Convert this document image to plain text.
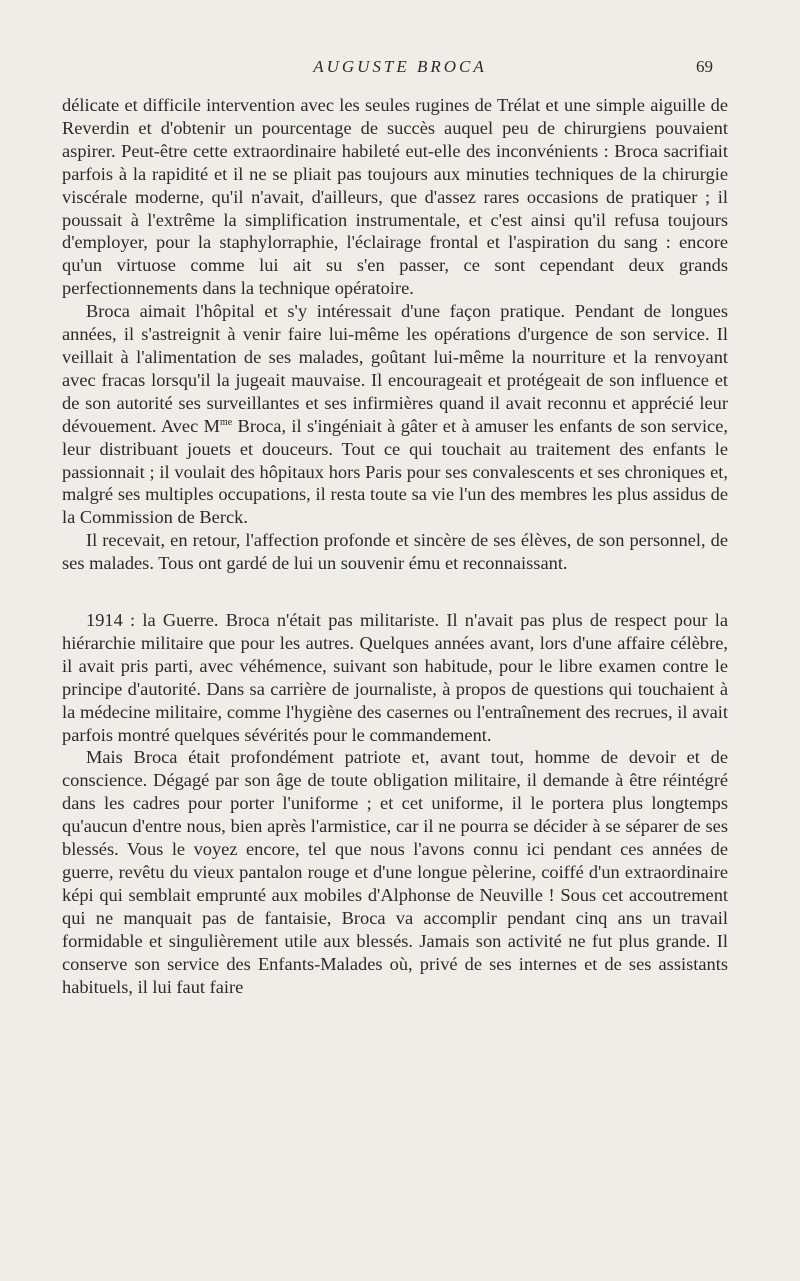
AUGUSTE BROCA	69

délicate et difficile intervention avec les seules rugines de Trélat et une simple aiguille de Reverdin et d'obtenir un pourcentage de succès auquel peu de chirurgiens pouvaient aspirer. Peut-être cette extraordinaire habileté eut-elle des inconvénients : Broca sacrifiait parfois à la rapidité et il ne se pliait pas toujours aux minuties techniques de la chirurgie viscérale moderne, qu'il n'avait, d'ailleurs, que d'assez rares occasions de pratiquer ; il poussait à l'extrême la simplification instrumentale, et c'est ainsi qu'il refusa toujours d'employer, pour la staphylorraphie, l'éclairage frontal et l'aspiration du sang : encore qu'un virtuose comme lui ait su s'en passer, ce sont cependant deux grands perfectionnements dans la technique opératoire.

Broca aimait l'hôpital et s'y intéressait d'une façon pratique. Pendant de longues années, il s'astreignit à venir faire lui-même les opérations d'urgence de son service. Il veillait à l'alimentation de ses malades, goûtant lui-même la nourriture et la renvoyant avec fracas lorsqu'il la jugeait mauvaise. Il encourageait et protégeait de son influence et de son autorité ses surveillantes et ses infirmières quand il avait reconnu et apprécié leur dévouement. Avec $M^{me}$ Broca, il s'ingéniait à gâter et à amuser les enfants de son service, leur distribuant jouets et douceurs. Tout ce qui touchait au traitement des enfants le passionnait ; il voulait des hôpitaux hors Paris pour ses convalescents et ses chroniques et, malgré ses multiples occupations, il resta toute sa vie l'un des membres les plus assidus de la Commission de Berck.

Il recevait, en retour, l'affection profonde et sincère de ses élèves, de son personnel, de ses malades. Tous ont gardé de lui un souvenir ému et reconnaissant.

1914 : la Guerre. Broca n'était pas militariste. Il n'avait pas plus de respect pour la hiérarchie militaire que pour les autres. Quelques années avant, lors d'une affaire célèbre, il avait pris parti, avec véhémence, suivant son habitude, pour le libre examen contre le principe d'autorité. Dans sa carrière de journaliste, à propos de questions qui touchaient à la médecine militaire, comme l'hygiène des casernes ou l'entraînement des recrues, il avait parfois montré quelques sévérités pour le commandement.

Mais Broca était profondément patriote et, avant tout, homme de devoir et de conscience. Dégagé par son âge de toute obligation militaire, il demande à être réintégré dans les cadres pour porter l'uniforme ; et cet uniforme, il le portera plus longtemps qu'aucun d'entre nous, bien après l'armistice, car il ne pourra se décider à se séparer de ses blessés. Vous le voyez encore, tel que nous l'avons connu ici pendant ces années de guerre, revêtu du vieux pantalon rouge et d'une longue pèlerine, coiffé d'un extraordinaire képi qui semblait emprunté aux mobiles d'Alphonse de Neuville ! Sous cet accoutrement qui ne manquait pas de fantaisie, Broca va accomplir pendant cinq ans un travail formidable et singulièrement utile aux blessés. Jamais son activité ne fut plus grande. Il conserve son service des Enfants-Malades où, privé de ses internes et de ses assistants habituels, il lui faut faire
